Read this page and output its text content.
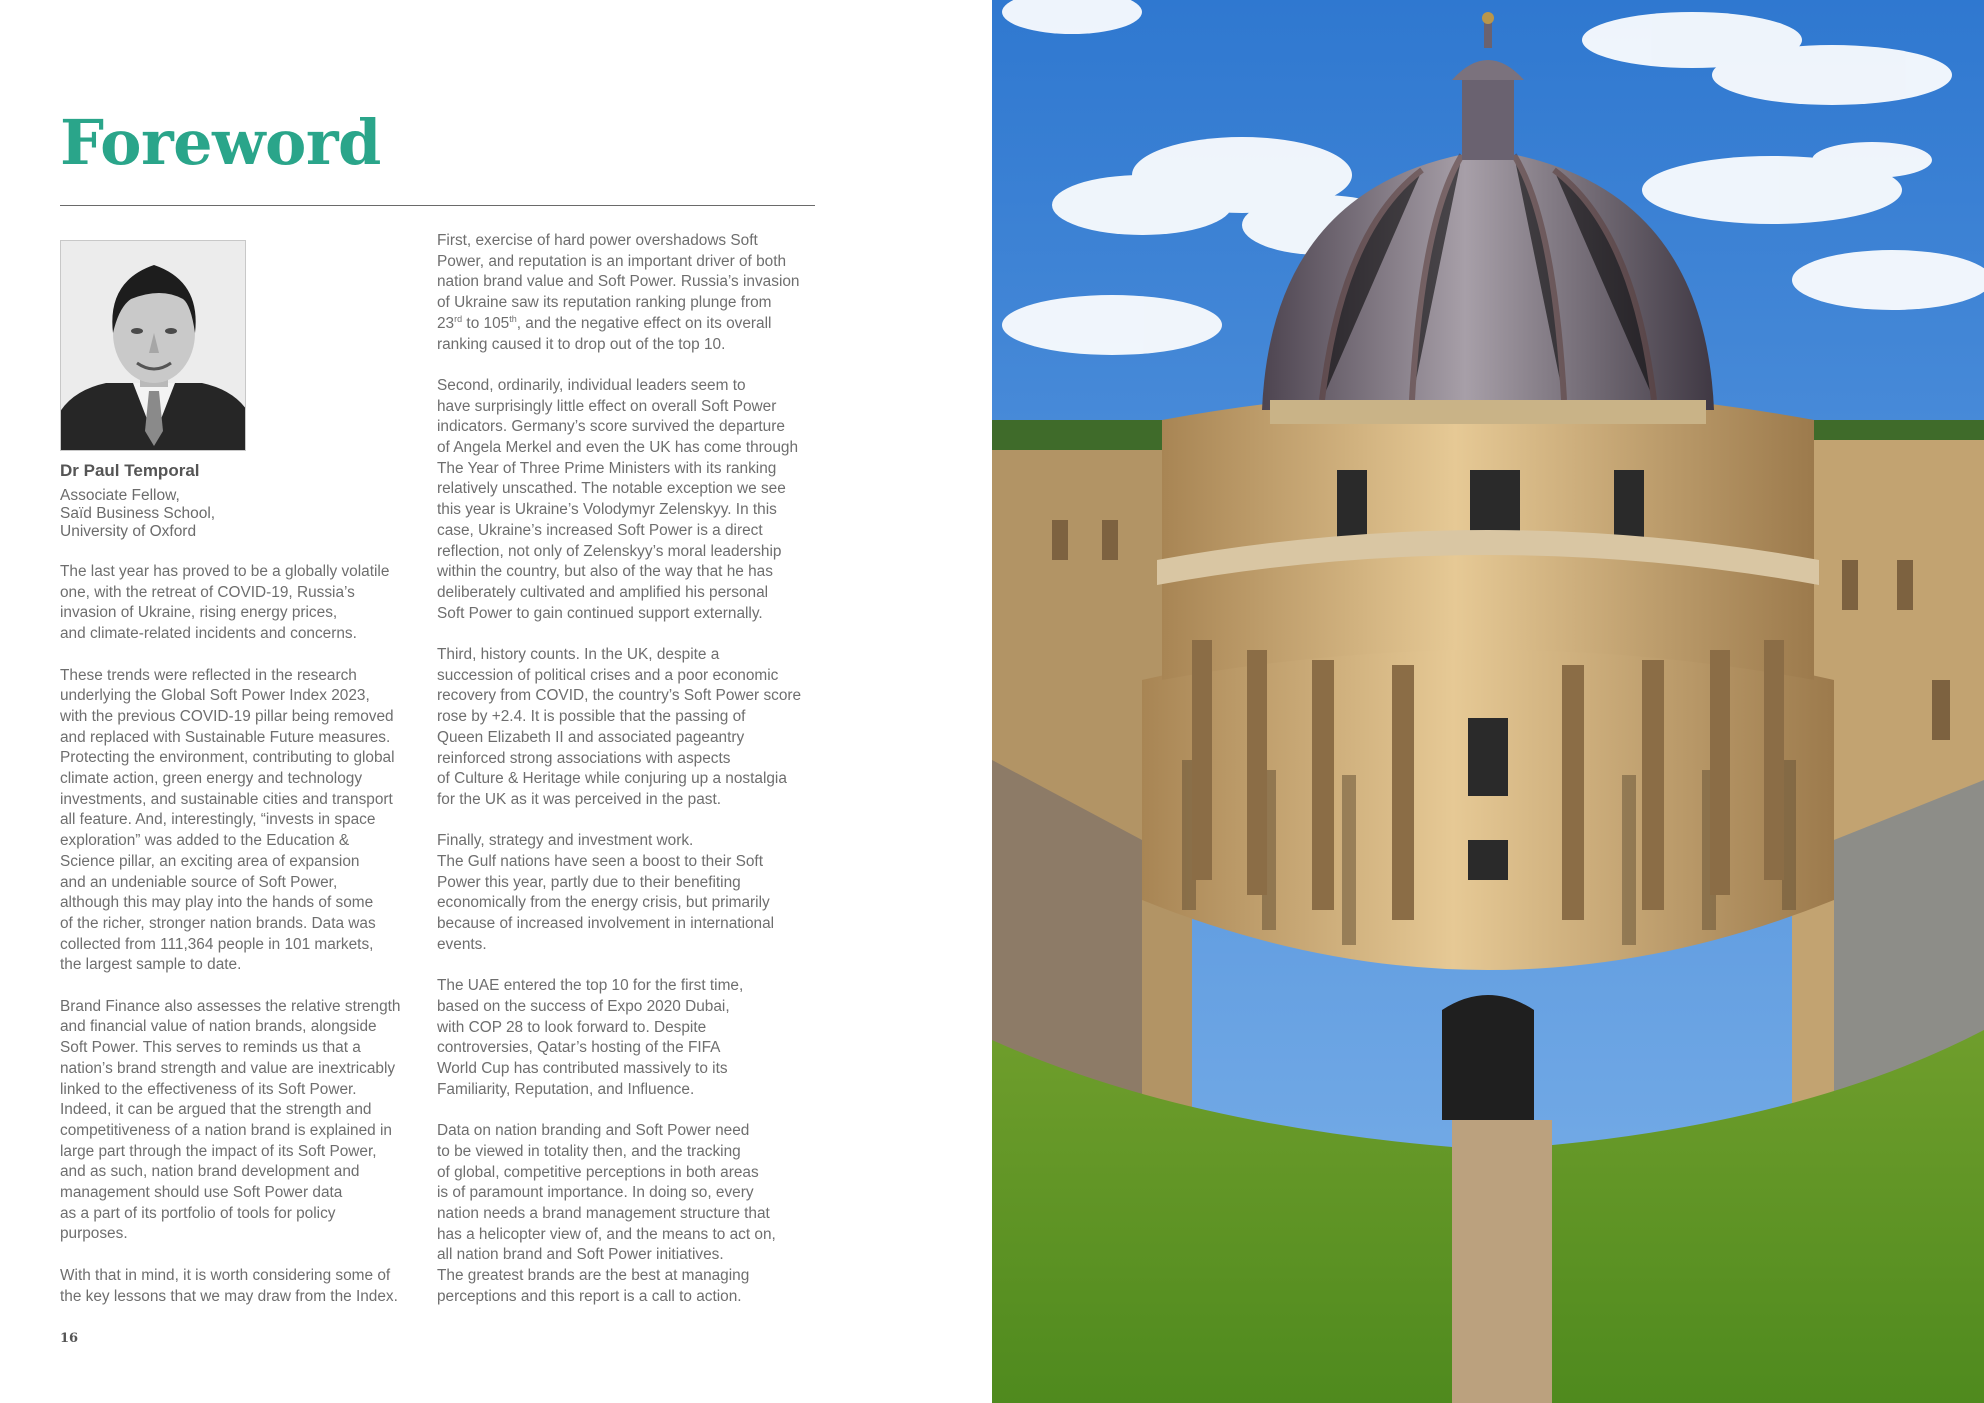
Foreword

Dr Paul Temporal

Associate Fellow,
Saïd Business School,
University of Oxford

The last year has proved to be a globally volatile
one, with the retreat of COVID-19, Russia’s
invasion of Ukraine, rising energy prices,
and climate-related incidents and concerns.

These trends were reflected in the research
underlying the Global Soft Power Index 2023,
with the previous COVID-19 pillar being removed
and replaced with Sustainable Future measures.
Protecting the environment, contributing to global
climate action, green energy and technology
investments, and sustainable cities and transport
all feature. And, interestingly, “invests in space
exploration” was added to the Education &
Science pillar, an exciting area of expansion
and an undeniable source of Soft Power,
although this may play into the hands of some
of the richer, stronger nation brands. Data was
collected from 111,364 people in 101 markets,
the largest sample to date.

Brand Finance also assesses the relative strength
and financial value of nation brands, alongside
Soft Power. This serves to reminds us that a
nation’s brand strength and value are inextricably
linked to the effectiveness of its Soft Power.
Indeed, it can be argued that the strength and
competitiveness of a nation brand is explained in
large part through the impact of its Soft Power,
and as such, nation brand development and
management should use Soft Power data
as a part of its portfolio of tools for policy
purposes.

With that in mind, it is worth considering some of
the key lessons that we may draw from the Index.

First, exercise of hard power overshadows Soft
Power, and reputation is an important driver of both
nation brand value and Soft Power. Russia’s invasion
of Ukraine saw its reputation ranking plunge from
23rd to 105th, and the negative effect on its overall
ranking caused it to drop out of the top 10.

Second, ordinarily, individual leaders seem to
have surprisingly little effect on overall Soft Power
indicators. Germany’s score survived the departure
of Angela Merkel and even the UK has come through
The Year of Three Prime Ministers with its ranking
relatively unscathed. The notable exception we see
this year is Ukraine’s Volodymyr Zelenskyy. In this
case, Ukraine’s increased Soft Power is a direct
reflection, not only of Zelenskyy’s moral leadership
within the country, but also of the way that he has
deliberately cultivated and amplified his personal
Soft Power to gain continued support externally.

Third, history counts. In the UK, despite a
succession of political crises and a poor economic
recovery from COVID, the country’s Soft Power score
rose by +2.4. It is possible that the passing of
Queen Elizabeth II and associated pageantry
reinforced strong associations with aspects
of Culture & Heritage while conjuring up a nostalgia
for the UK as it was perceived in the past.

Finally, strategy and investment work.
The Gulf nations have seen a boost to their Soft
Power this year, partly due to their benefiting
economically from the energy crisis, but primarily
because of increased involvement in international
events.

The UAE entered the top 10 for the first time,
based on the success of Expo 2020 Dubai,
with COP 28 to look forward to. Despite
controversies, Qatar’s hosting of the FIFA
World Cup has contributed massively to its
Familiarity, Reputation, and Influence.

Data on nation branding and Soft Power need
to be viewed in totality then, and the tracking
of global, competitive perceptions in both areas
is of paramount importance. In doing so, every
nation needs a brand management structure that
has a helicopter view of, and the means to act on,
all nation brand and Soft Power initiatives.
The greatest brands are the best at managing
perceptions and this report is a call to action.

16
